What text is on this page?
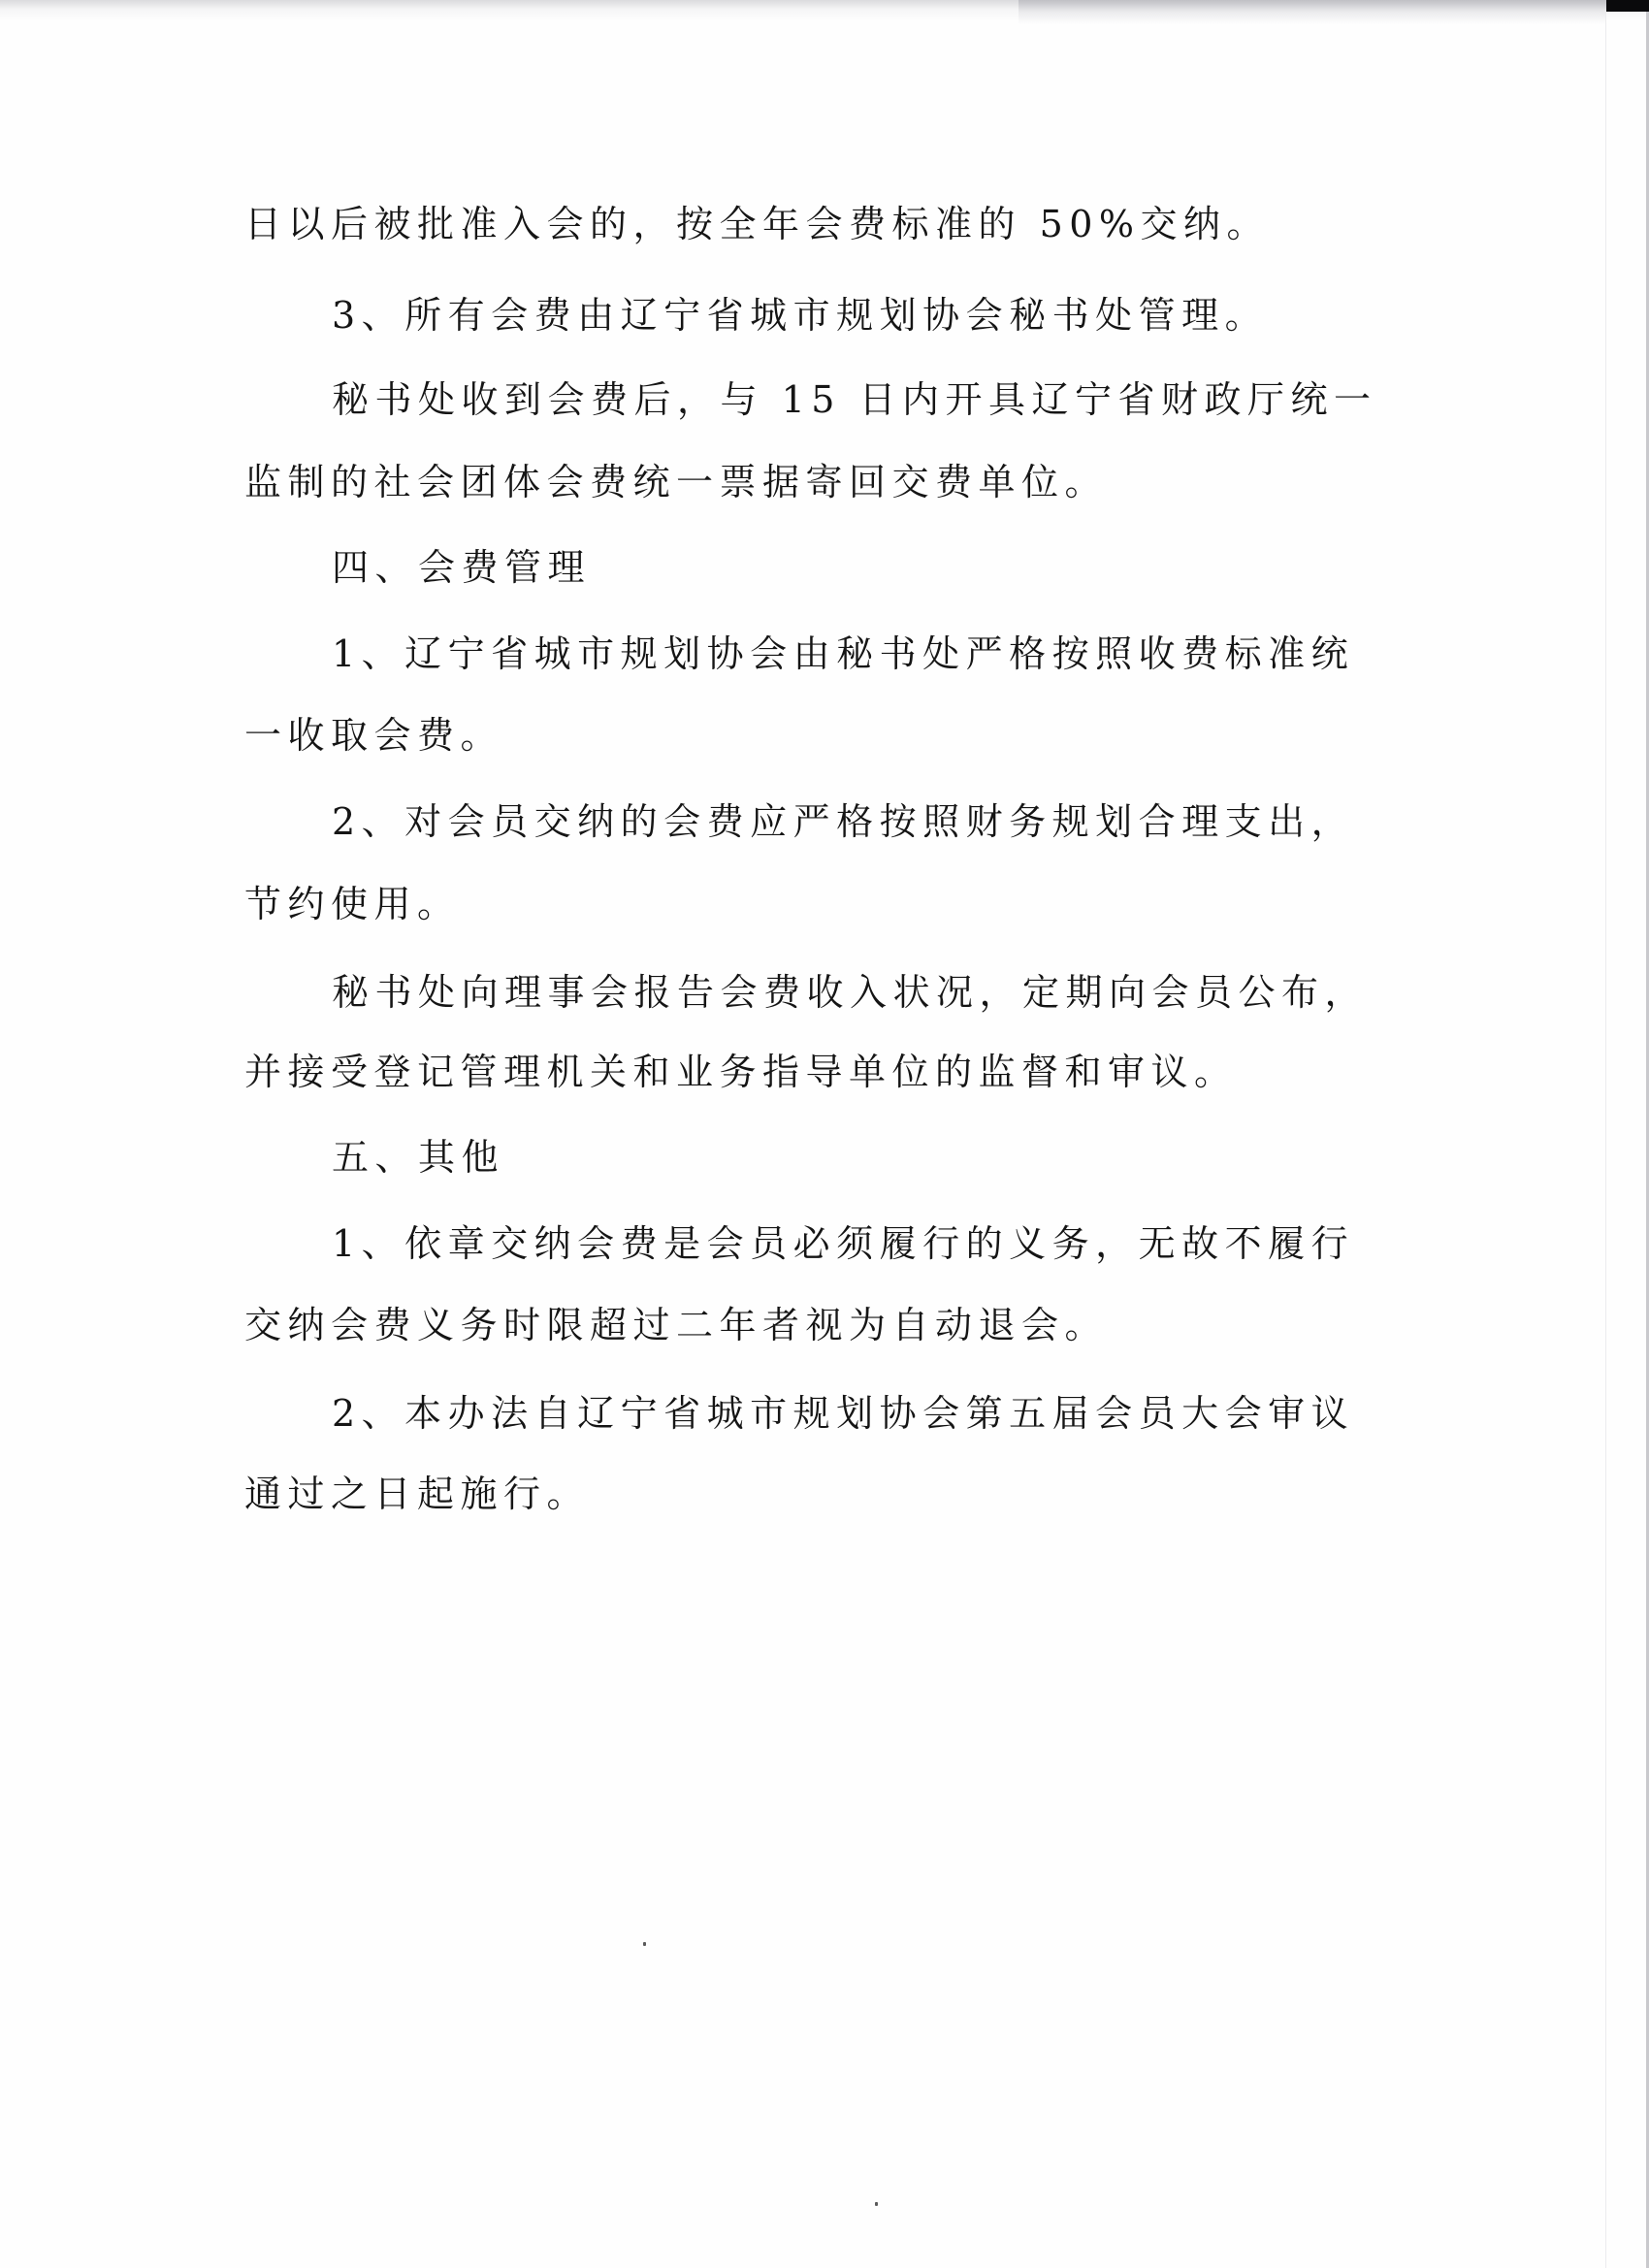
日以后被批准入会的，按全年会费标准的 50%交纳。
3、所有会费由辽宁省城市规划协会秘书处管理。
秘书处收到会费后，与 15 日内开具辽宁省财政厅统一
监制的社会团体会费统一票据寄回交费单位。
四、会费管理
1、辽宁省城市规划协会由秘书处严格按照收费标准统
一收取会费。
2、对会员交纳的会费应严格按照财务规划合理支出，
节约使用。
秘书处向理事会报告会费收入状况，定期向会员公布，
并接受登记管理机关和业务指导单位的监督和审议。
五、其他
1、依章交纳会费是会员必须履行的义务，无故不履行
交纳会费义务时限超过二年者视为自动退会。
2、本办法自辽宁省城市规划协会第五届会员大会审议
通过之日起施行。
